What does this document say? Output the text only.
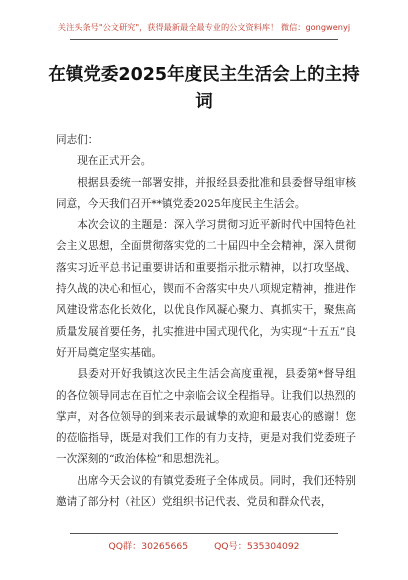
关注头条号"公文研究"，获得最新最全最专业的公文资料库！ 微信：gongwenyj
在镇党委2025年度民主生活会上的主持词

同志们：

现在正式开会。

根据县委统一部署安排，并报经县委批准和县委督导组审核同意，今天我们召开**镇党委2025年度民主生活会。

本次会议的主题是：深入学习贯彻习近平新时代中国特色社会主义思想，全面贯彻落实党的二十届四中全会精神，深入贯彻落实习近平总书记重要讲话和重要指示批示精神，以打攻坚战、持久战的决心和恒心，锲而不舍落实中央八项规定精神，推进作风建设常态化长效化，以优良作风凝心聚力、真抓实干，聚焦高质量发展首要任务，扎实推进中国式现代化，为实现“十五五”良好开局奠定坚实基础。

县委对开好我镇这次民主生活会高度重视，县委第*督导组的各位领导同志在百忙之中亲临会议全程指导。让我们以热烈的掌声，对各位领导的到来表示最诚挚的欢迎和最衷心的感谢！您的莅临指导，既是对我们工作的有力支持，更是对我们党委班子一次深刻的“政治体检”和思想洗礼。

出席今天会议的有镇党委班子全体成员。同时，我们还特别邀请了部分村（社区）党组织书记代表、党员和群众代表，

QQ群：30265665	QQ号：535304092
